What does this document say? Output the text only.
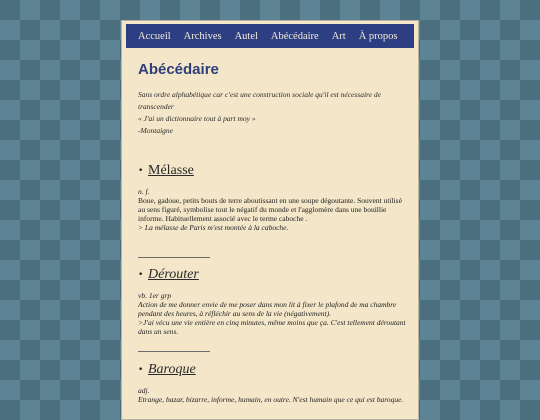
Accueil Archives Autel Abécédaire Art À propos
Abécédaire

Sans ordre alphabétique car c'est une construction sociale qu'il est nécessaire de transcender

« J'ai un dictionnaire tout à part moy »

-Montaigne

• Mélasse
n. f.
Boue, gadoue, petits bouts de terre aboutissant en une soupe dégoutante. Souvent utilisé au sens figuré, symbolise tout le négatif du monde et l'agglomère dans une bouillie informe. Habituellement associé avec le terme caboche .
> La mélasse de Paris m'est montée à la caboche.
• Dérouter
vb. 1er grp
Action de me donner envie de me poser dans mon lit à fixer le plafond de ma chambre pendant des heures, à réfléchir au sens de la vie (négativement).
>J'ai vécu une vie entière en cinq minutes, même moins que ça. C'est tellement déroutant dans un sens.
• Baroque
adj.
Etrange, bazar, bizarre, informe, humain, en outre. N'est humain que ce qui est baroque.
